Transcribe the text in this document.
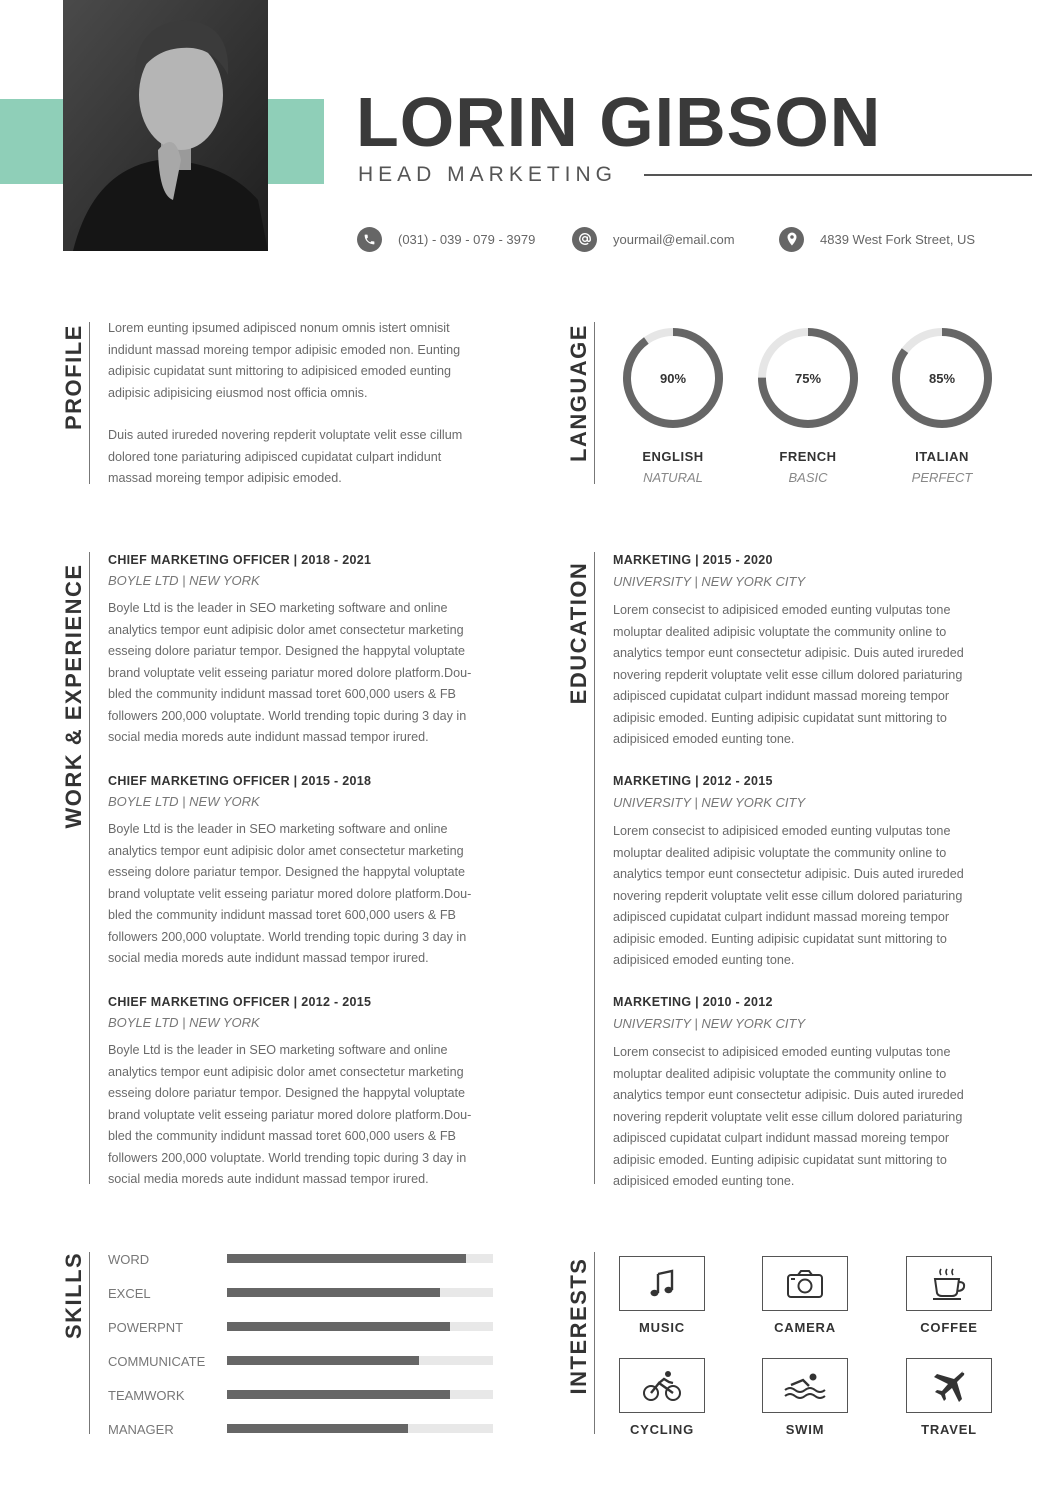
LORIN GIBSON
HEAD MARKETING
(031) - 039 - 079 - 3979	yourmail@email.com	4839 West Fork Street, US
PROFILE Lorem eunting ipsumed adipisced nonum omnis istert omnisit
indidunt massad moreing tempor adipisic emoded non. Eunting
adipisic cupidatat sunt mittoring to adipisiced emoded eunting
adipisic adipisicing eiusmod nost officia omnis.
Duis auted irureded novering repderit voluptate velit esse cillum
dolored tone pariaturing adipisced cupidatat culpart indidunt
massad moreing tempor adipisic emoded.
LANGUAGE	90%
ENGLISH
NATURAL
75%
FRENCH
BASIC
85%
ITALIAN
PERFECT
WORK & EXPERIENCE
CHIEF MARKETING OFFICER | 2018 - 2021
BOYLE LTD | NEW YORK
Boyle Ltd is the leader in SEO marketing software and online
analytics tempor eunt adipisic dolor amet consectetur marketing
esseing dolore pariatur tempor. Designed the happytal voluptate
brand voluptate velit esseing pariatur mored dolore platform.Dou-
bled the community indidunt massad toret 600,000 users & FB
followers 200,000 voluptate. World trending topic during 3 day in
social media moreds aute indidunt massad tempor irured.
CHIEF MARKETING OFFICER | 2015 - 2018
BOYLE LTD | NEW YORK
Boyle Ltd is the leader in SEO marketing software and online
analytics tempor eunt adipisic dolor amet consectetur marketing
esseing dolore pariatur tempor. Designed the happytal voluptate
brand voluptate velit esseing pariatur mored dolore platform.Dou-
bled the community indidunt massad toret 600,000 users & FB
followers 200,000 voluptate. World trending topic during 3 day in
social media moreds aute indidunt massad tempor irured.
CHIEF MARKETING OFFICER | 2012 - 2015
BOYLE LTD | NEW YORK
Boyle Ltd is the leader in SEO marketing software and online
analytics tempor eunt adipisic dolor amet consectetur marketing
esseing dolore pariatur tempor. Designed the happytal voluptate
brand voluptate velit esseing pariatur mored dolore platform.Dou-
bled the community indidunt massad toret 600,000 users & FB
followers 200,000 voluptate. World trending topic during 3 day in
social media moreds aute indidunt massad tempor irured.
EDUCATION
MARKETING | 2015 - 2020
UNIVERSITY | NEW YORK CITY
Lorem consecist to adipisiced emoded eunting vulputas tone
moluptar dealited adipisic voluptate the community online to
analytics tempor eunt consectetur adipisic. Duis auted irureded
novering repderit voluptate velit esse cillum dolored pariaturing
adipisced cupidatat culpart indidunt massad moreing tempor
adipisic emoded. Eunting adipisic cupidatat sunt mittoring to
adipisiced emoded eunting tone.
MARKETING | 2012 - 2015
UNIVERSITY | NEW YORK CITY
Lorem consecist to adipisiced emoded eunting vulputas tone
moluptar dealited adipisic voluptate the community online to
analytics tempor eunt consectetur adipisic. Duis auted irureded
novering repderit voluptate velit esse cillum dolored pariaturing
adipisced cupidatat culpart indidunt massad moreing tempor
adipisic emoded. Eunting adipisic cupidatat sunt mittoring to
adipisiced emoded eunting tone.
MARKETING | 2010 - 2012
UNIVERSITY | NEW YORK CITY
Lorem consecist to adipisiced emoded eunting vulputas tone
moluptar dealited adipisic voluptate the community online to
analytics tempor eunt consectetur adipisic. Duis auted irureded
novering repderit voluptate velit esse cillum dolored pariaturing
adipisced cupidatat culpart indidunt massad moreing tempor
adipisic emoded. Eunting adipisic cupidatat sunt mittoring to
adipisiced emoded eunting tone.
SKILLS WORD
EXCEL
POWERPNT
COMMUNICATE
TEAMWORK
MANAGER
INTERESTS	MUSIC	CAMERA	COFFEE
CYCLING	SWIM	TRAVEL
